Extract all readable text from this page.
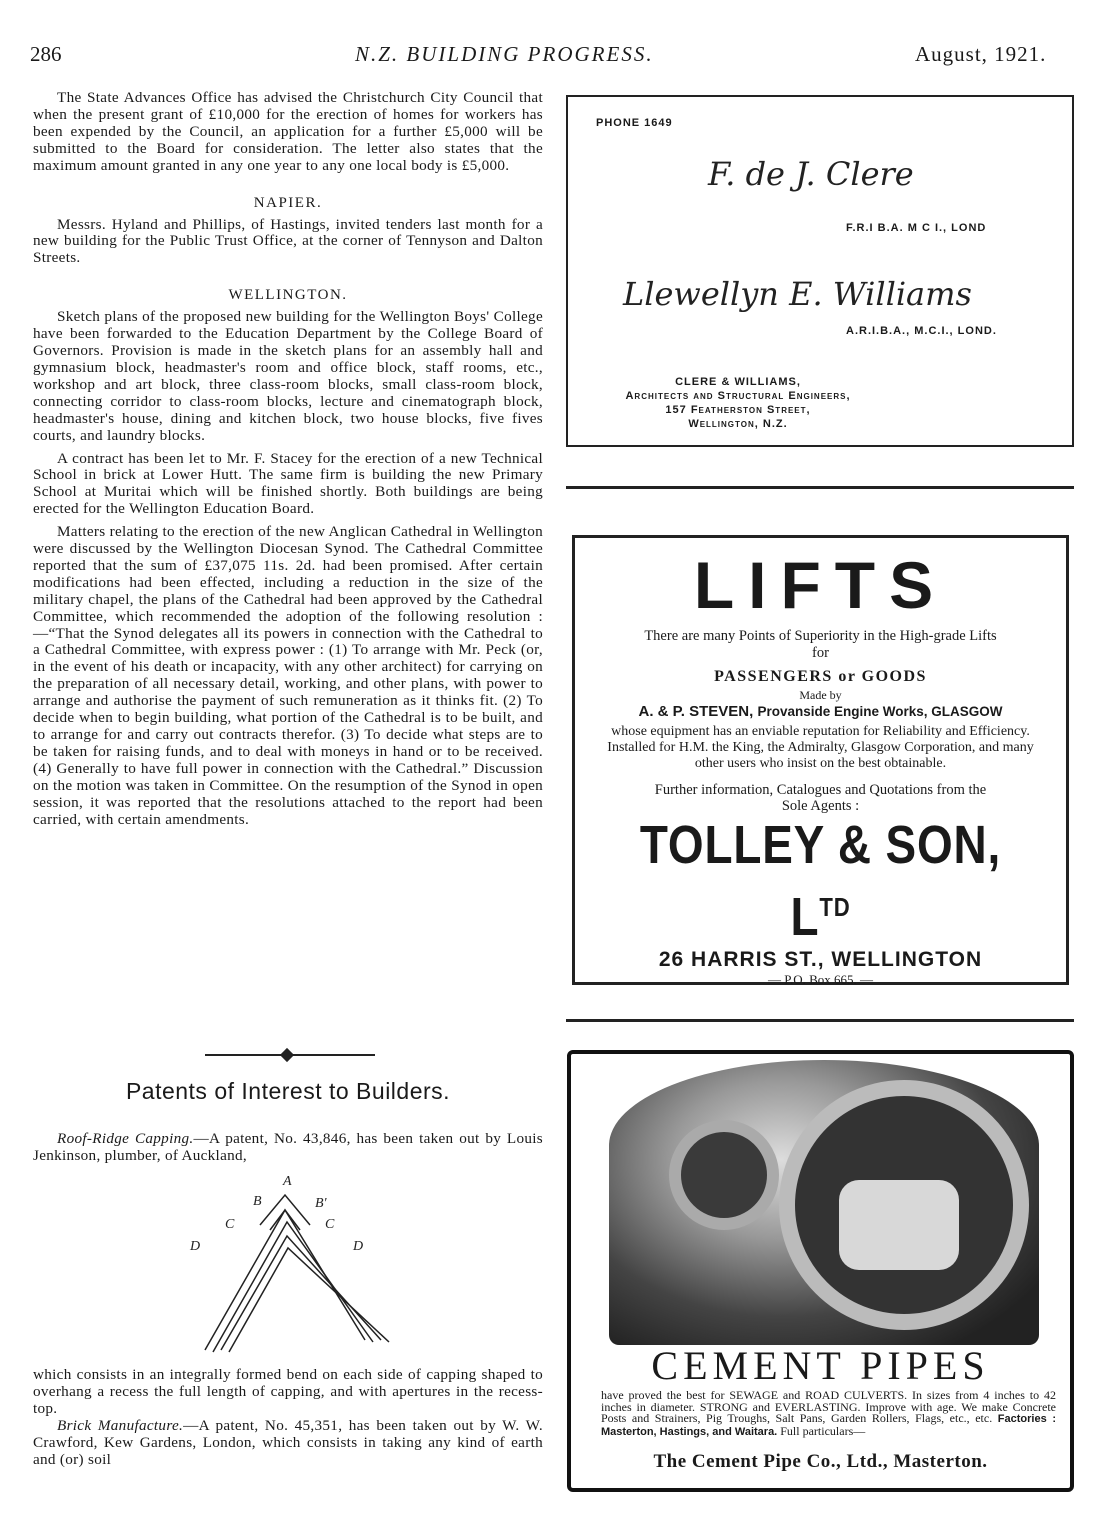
286	N.Z. BUILDING PROGRESS.	August, 1921.

The State Advances Office has advised the Christchurch City Council that when the present grant of £10,000 for the erection of homes for workers has been expended by the Council, an application for a further £5,000 will be submitted to the Board for consideration. The letter also states that the maximum amount granted in any one year to any one local body is £5,000.

NAPIER.

Messrs. Hyland and Phillips, of Hastings, invited tenders last month for a new building for the Public Trust Office, at the corner of Tennyson and Dalton Streets.

WELLINGTON.

Sketch plans of the proposed new building for the Wellington Boys' College have been forwarded to the Education Department by the College Board of Governors. Provision is made in the sketch plans for an assembly hall and gymnasium block, headmaster's room and office block, staff rooms, etc., workshop and art block, three class-room blocks, small class-room block, connecting corridor to class-room blocks, lecture and cinematograph block, headmaster's house, dining and kitchen block, two house blocks, five fives courts, and laundry blocks.

A contract has been let to Mr. F. Stacey for the erection of a new Technical School in brick at Lower Hutt. The same firm is building the new Primary School at Muritai which will be finished shortly. Both buildings are being erected for the Wellington Education Board.

Matters relating to the erection of the new Anglican Cathedral in Wellington were discussed by the Wellington Diocesan Synod. The Cathedral Committee reported that the sum of £37,075 11s. 2d. had been promised. After certain modifications had been effected, including a reduction in the size of the military chapel, the plans of the Cathedral had been approved by the Cathedral Committee, which recommended the adoption of the following resolution :—“That the Synod delegates all its powers in connection with the Cathedral to a Cathedral Committee, with express power : (1) To arrange with Mr. Peck (or, in the event of his death or incapacity, with any other architect) for carrying on the preparation of all necessary detail, working, and other plans, with power to arrange and authorise the payment of such remuneration as it thinks fit. (2) To decide when to begin building, what portion of the Cathedral is to be built, and to arrange for and carry out contracts therefor. (3) To decide what steps are to be taken for raising funds, and to deal with moneys in hand or to be received. (4) Generally to have full power in connection with the Cathedral.” Discussion on the motion was taken in Committee. On the resumption of the Synod in open session, it was reported that the resolutions attached to the report had been carried, with certain amendments.

Patents of Interest to Builders.

Roof-Ridge Capping.—A patent, No. 43,846, has been taken out by Louis Jenkinson, plumber, of Auckland,

A
B	B'
C	C
D	D

which consists in an integrally formed bend on each side of capping shaped to overhang a recess the full length of capping, and with apertures in the recess-top.

Brick Manufacture.—A patent, No. 45,351, has been taken out by W. W. Crawford, Kew Gardens, London, which consists in taking any kind of earth and (or) soil

PHONE 1649
F. de J. Clere
F.R.I B.A. M C I., LOND
Llewellyn E. Williams
A.R.I.B.A., M.C.I., LOND.
CLERE & WILLIAMS,
Architects and Structural Engineers,
157 Featherston Street,
Wellington, N.Z.
LIFTS
There are many Points of Superiority in the High-grade Lifts for
PASSENGERS or GOODS
Made by
A. & P. STEVEN, Provanside Engine Works, GLASGOW
whose equipment has an enviable reputation for Reliability and Efficiency. Installed for H.M. the King, the Admiralty, Glasgow Corporation, and many other users who insist on the best obtainable.
Further information, Catalogues and Quotations from the Sole Agents :
TOLLEY & SON, $L^{TD}$
26 HARRIS ST., WELLINGTON
— P.O. Box 665. —
CEMENT PIPES
have proved the best for SEWAGE and ROAD CULVERTS. In sizes from 4 inches to 42 inches in diameter. STRONG and EVERLASTING. Improve with age. We make Concrete Posts and Strainers, Pig Troughs, Salt Pans, Garden Rollers, Flags, etc., etc. Factories : Masterton, Hastings, and Waitara. Full particulars—
The Cement Pipe Co., Ltd., Masterton.
